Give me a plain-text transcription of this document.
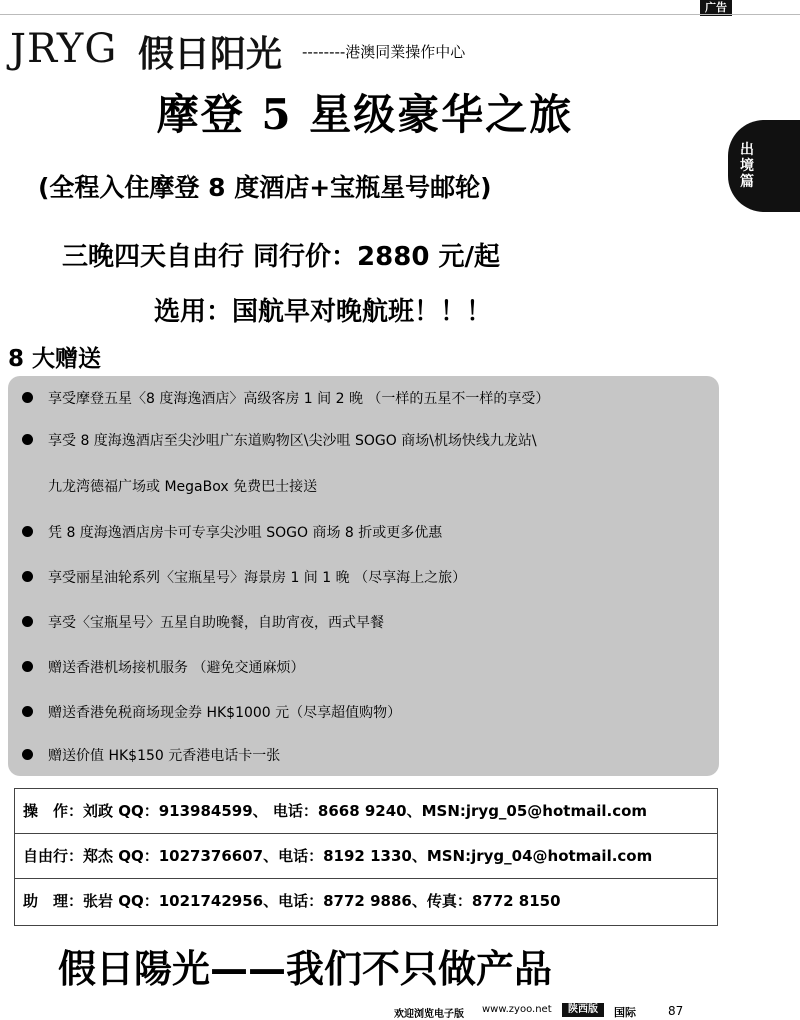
广告
出境篇
JRYG 假日阳光 --------港澳同業操作中心
摩登 5 星级豪华之旅
(全程入住摩登 8 度酒店+宝瓶星号邮轮)
三晚四天自由行 同行价：2880 元/起
选用：国航早对晚航班！！！
8 大赠送
享受摩登五星〈8 度海逸酒店〉高级客房 1 间 2 晚 （一样的五星不一样的享受）
享受 8 度海逸酒店至尖沙咀广东道购物区\尖沙咀 SOGO 商场\机场快线九龙站\
九龙湾德福广场或 MegaBox 免费巴士接送
凭 8 度海逸酒店房卡可专享尖沙咀 SOGO 商场 8 折或更多优惠
享受丽星油轮系列〈宝瓶星号〉海景房 1 间 1 晚 （尽享海上之旅）
享受〈宝瓶星号〉五星自助晚餐，自助宵夜，西式早餐
赠送香港机场接机服务 （避免交通麻烦）
赠送香港免税商场现金券 HK$1000 元（尽享超值购物）
赠送价值 HK$150 元香港电话卡一张
操　作：刘政 QQ：913984599、 电话：8668 9240、MSN:jryg_05@hotmail.com
自由行：郑杰 QQ：1027376607、电话：8192 1330、MSN:jryg_04@hotmail.com
助　理：张岩 QQ：1021742956、电话：8772 9886、传真：8772 8150
假日陽光——我们不只做产品
欢迎浏览电子版 www.zyoo.net	陕西版	国际	87
